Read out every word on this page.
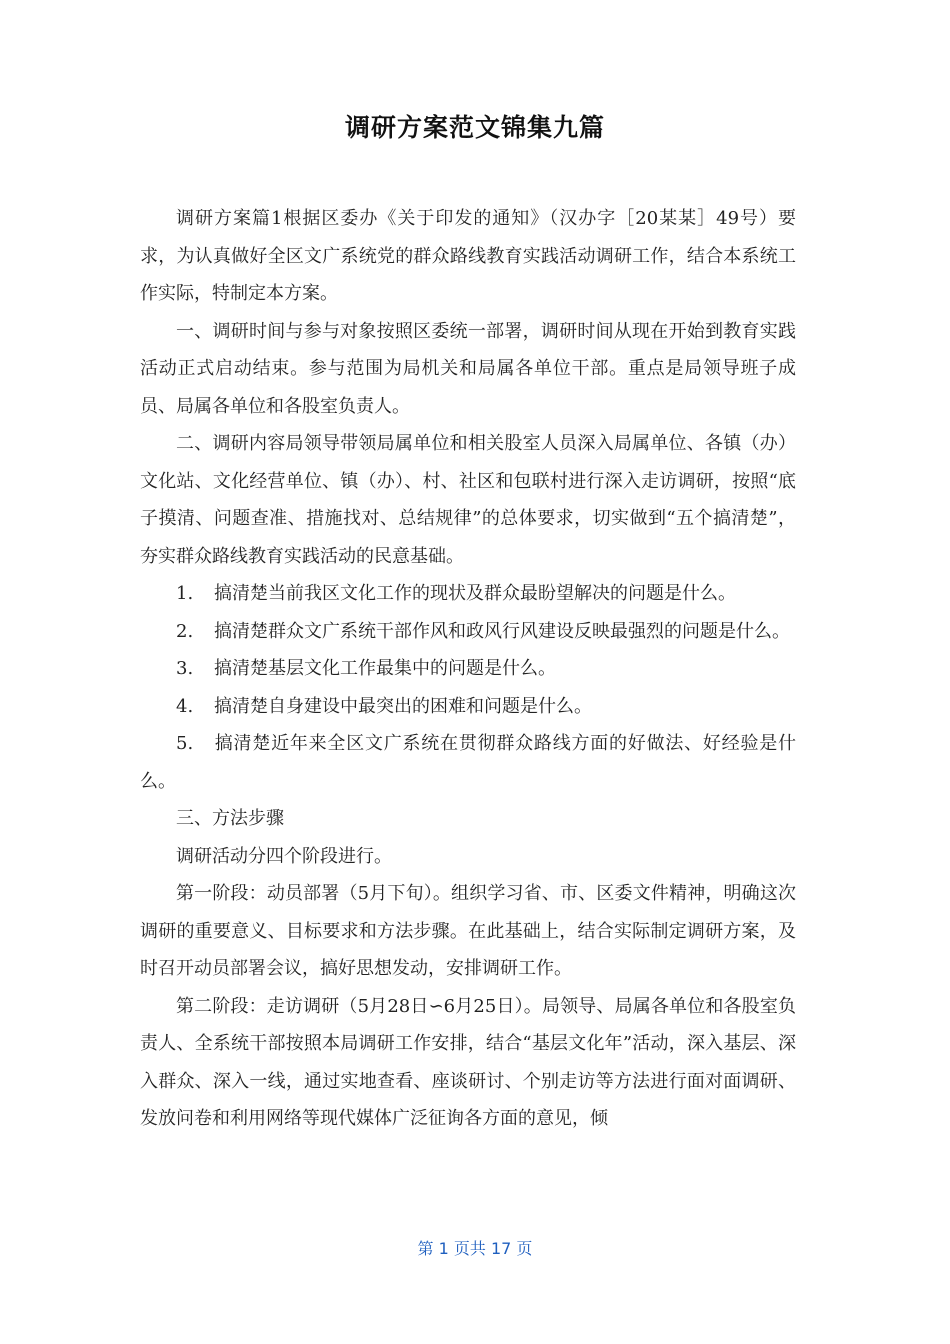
调研方案范文锦集九篇

调研方案篇1根据区委办《关于印发的通知》（汉办字［20某某］49号）要求，为认真做好全区文广系统党的群众路线教育实践活动调研工作，结合本系统工作实际，特制定本方案。

一、调研时间与参与对象按照区委统一部署，调研时间从现在开始到教育实践活动正式启动结束。参与范围为局机关和局属各单位干部。重点是局领导班子成员、局属各单位和各股室负责人。

二、调研内容局领导带领局属单位和相关股室人员深入局属单位、各镇（办）文化站、文化经营单位、镇（办）、村、社区和包联村进行深入走访调研，按照“底子摸清、问题查准、措施找对、总结规律”的总体要求，切实做到“五个搞清楚”，夯实群众路线教育实践活动的民意基础。

1. 搞清楚当前我区文化工作的现状及群众最盼望解决的问题是什么。

2. 搞清楚群众文广系统干部作风和政风行风建设反映最强烈的问题是什么。

3. 搞清楚基层文化工作最集中的问题是什么。

4. 搞清楚自身建设中最突出的困难和问题是什么。

5. 搞清楚近年来全区文广系统在贯彻群众路线方面的好做法、好经验是什么。

三、方法步骤

调研活动分四个阶段进行。

第一阶段：动员部署（5月下旬）。组织学习省、市、区委文件精神，明确这次调研的重要意义、目标要求和方法步骤。在此基础上，结合实际制定调研方案，及时召开动员部署会议，搞好思想发动，安排调研工作。

第二阶段：走访调研（5月28日∽6月25日）。局领导、局属各单位和各股室负责人、全系统干部按照本局调研工作安排，结合“基层文化年”活动，深入基层、深入群众、深入一线，通过实地查看、座谈研讨、个别走访等方法进行面对面调研、发放问卷和利用网络等现代媒体广泛征询各方面的意见，倾

第 1 页共 17 页
